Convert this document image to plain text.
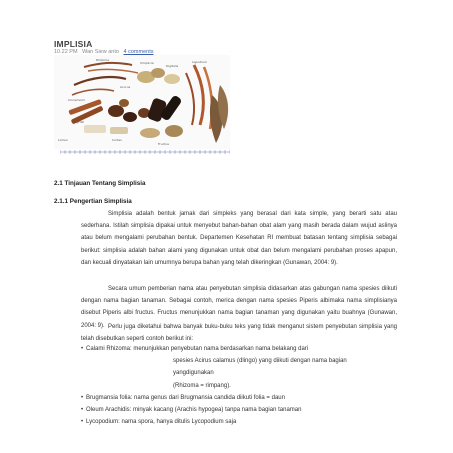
IMPLISIA
10.22 PM Wan Siew anto 4 comments
Rhizoma
Simplicia
Digitalis
Acorus
Ligustrum
Myrtilli
Cinnamomi
Lichen	Cortex
Fructus
2.1 Tinjauan Tentang Simplisia
2.1.1 Pengertian Simplisia
Simplisia adalah bentuk jamak dari simpleks yang berasal dari kata simple, yang berarti satu atau sederhana. Istilah simplisia dipakai untuk menyebut bahan-bahan obat alam yang masih berada dalam wujud aslinya atau belum mengalami perubahan bentuk. Departemen Kesehatan RI membuat batasan tentang simplisia sebagai berikut: simplisia adalah bahan alami yang digunakan untuk obat dan belum mengalami perubahan proses apapun, dan kecuali dinyatakan lain umumnya berupa bahan yang telah dikeringkan (Gunawan, 2004: 9).
Secara umum pemberian nama atau penyebutan simplisia didasarkan atas gabungan nama spesies diikuti dengan nama bagian tanaman. Sebagai contoh, merica dengan nama spesies Piperis albimaka nama simplisianya disebut Piperis albi fructus. Fructus menunjukkan nama bagian tanaman yang digunakan yaitu buahnya (Gunawan, 2004: 9). Perlu juga diketahui bahwa banyak buku-buku teks yang tidak menganut sistem penyebutan simplisia yang telah disebutkan seperti contoh berikut ini:
• Calami Rhizoma: menunjukkan penyebutan nama berdasarkan nama belakang dari
spesies Acirus calamus (dlingo) yang diikuti dengan nama bagian
yangdigunakan
(Rhizoma = rimpang).
• Brugmansia folia: nama genus dari Brugmansia candida diikuti folia = daun
• Oleum Arachidis: minyak kacang (Arachis hypogea) tanpa nama bagian tanaman
• Lycopodium: nama spora, hanya ditulis Lycopodium saja
